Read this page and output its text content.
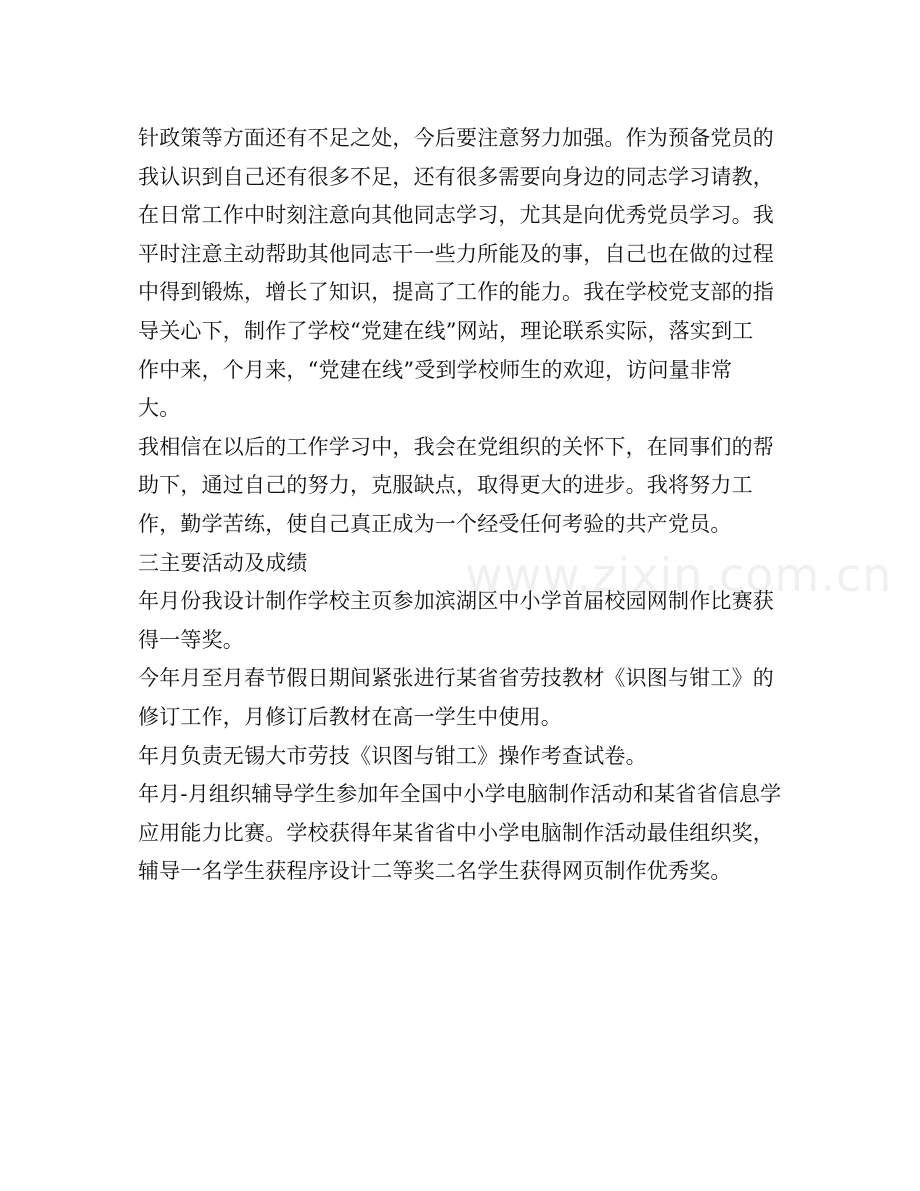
针政策等方面还有不足之处，今后要注意努力加强。作为预备党员的
我认识到自己还有很多不足，还有很多需要向身边的同志学习请教，
在日常工作中时刻注意向其他同志学习，尤其是向优秀党员学习。我
平时注意主动帮助其他同志干一些力所能及的事，自己也在做的过程
中得到锻炼，增长了知识，提高了工作的能力。我在学校党支部的指
导关心下，制作了学校“党建在线”网站，理论联系实际，落实到工
作中来，个月来，“党建在线”受到学校师生的欢迎，访问量非常
大。
我相信在以后的工作学习中，我会在党组织的关怀下，在同事们的帮
助下，通过自己的努力，克服缺点，取得更大的进步。我将努力工
作，勤学苦练，使自己真正成为一个经受任何考验的共产党员。
三主要活动及成绩
年月份我设计制作学校主页参加滨湖区中小学首届校园网制作比赛获
得一等奖。
今年月至月春节假日期间紧张进行某省省劳技教材《识图与钳工》的
修订工作，月修订后教材在高一学生中使用。
年月负责无锡大市劳技《识图与钳工》操作考查试卷。
年月-月组织辅导学生参加年全国中小学电脑制作活动和某省省信息学
应用能力比赛。学校获得年某省省中小学电脑制作活动最佳组织奖，
辅导一名学生获程序设计二等奖二名学生获得网页制作优秀奖。
www.zixin.com.cn
